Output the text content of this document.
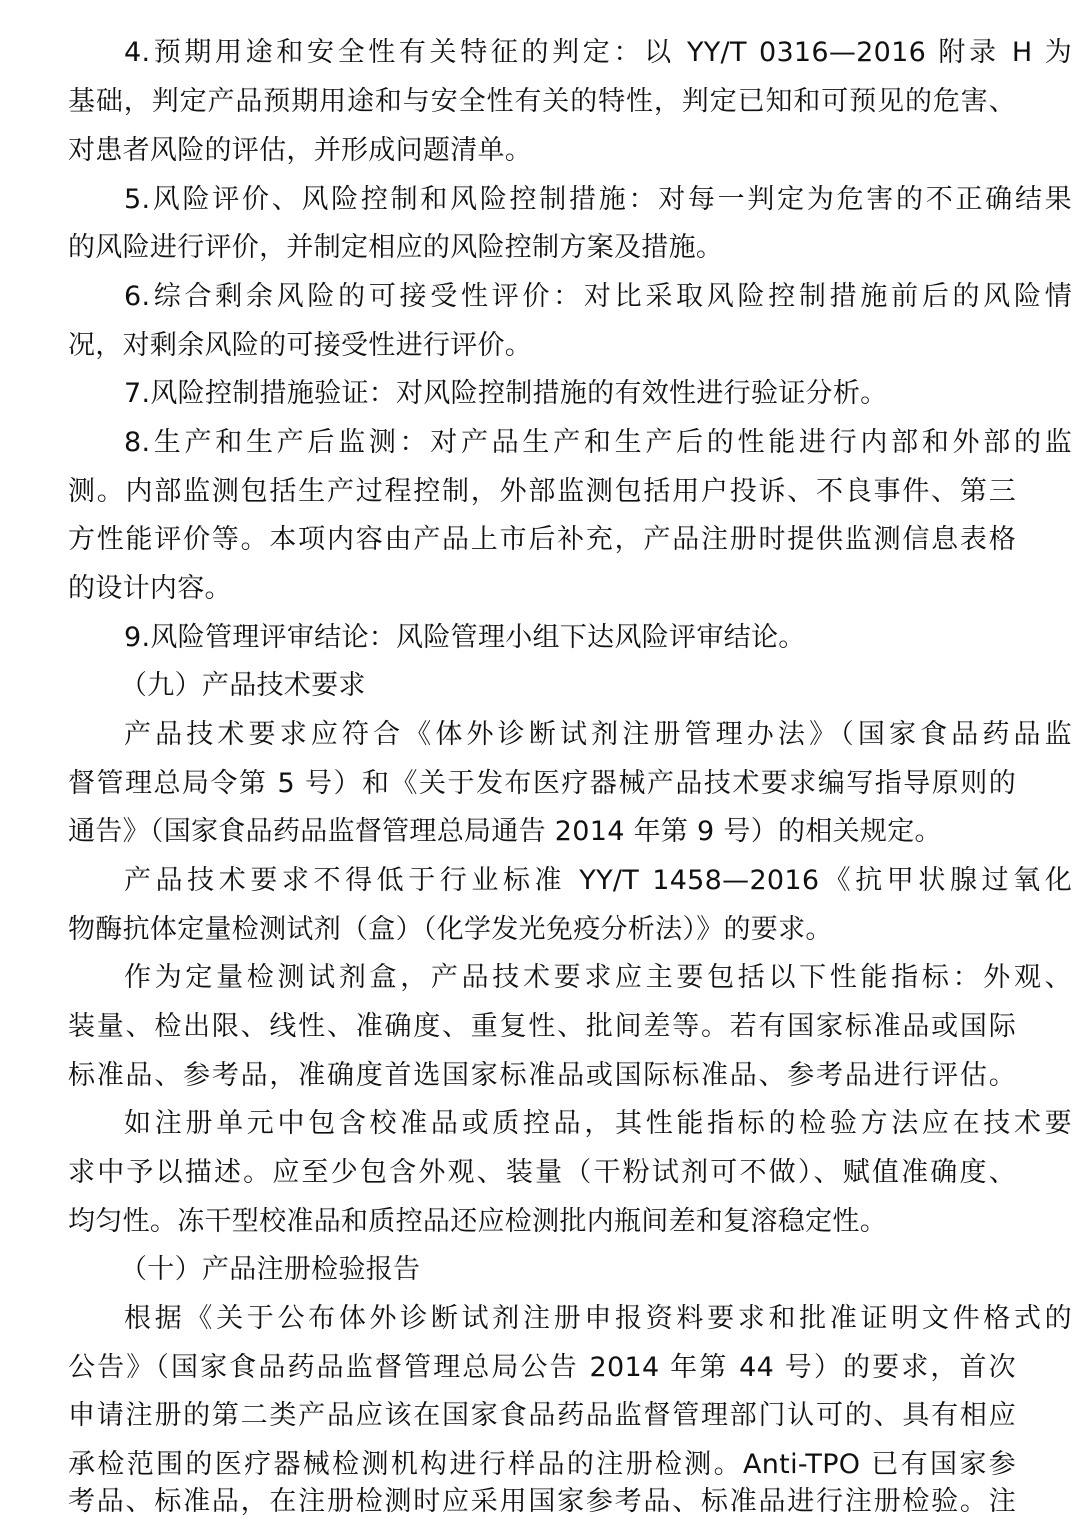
4.预期用途和安全性有关特征的判定：以 YY/T 0316—2016 附录 H 为
基础，判定产品预期用途和与安全性有关的特性，判定已知和可预见的危害、
对患者风险的评估，并形成问题清单。
5.风险评价、风险控制和风险控制措施：对每一判定为危害的不正确结果
的风险进行评价，并制定相应的风险控制方案及措施。
6.综合剩余风险的可接受性评价：对比采取风险控制措施前后的风险情
况，对剩余风险的可接受性进行评价。
7.风险控制措施验证：对风险控制措施的有效性进行验证分析。
8.生产和生产后监测：对产品生产和生产后的性能进行内部和外部的监
测。内部监测包括生产过程控制，外部监测包括用户投诉、不良事件、第三
方性能评价等。本项内容由产品上市后补充，产品注册时提供监测信息表格
的设计内容。
9.风险管理评审结论：风险管理小组下达风险评审结论。
（九）产品技术要求
产品技术要求应符合《体外诊断试剂注册管理办法》（国家食品药品监
督管理总局令第 5 号）和《关于发布医疗器械产品技术要求编写指导原则的
通告》（国家食品药品监督管理总局通告 2014 年第 9 号）的相关规定。
产品技术要求不得低于行业标准 YY/T 1458—2016《抗甲状腺过氧化
物酶抗体定量检测试剂（盒）（化学发光免疫分析法）》的要求。
作为定量检测试剂盒，产品技术要求应主要包括以下性能指标：外观、
装量、检出限、线性、准确度、重复性、批间差等。若有国家标准品或国际
标准品、参考品，准确度首选国家标准品或国际标准品、参考品进行评估。
如注册单元中包含校准品或质控品，其性能指标的检验方法应在技术要
求中予以描述。应至少包含外观、装量（干粉试剂可不做）、赋值准确度、
均匀性。冻干型校准品和质控品还应检测批内瓶间差和复溶稳定性。
（十）产品注册检验报告
根据《关于公布体外诊断试剂注册申报资料要求和批准证明文件格式的
公告》（国家食品药品监督管理总局公告 2014 年第 44 号）的要求，首次
申请注册的第二类产品应该在国家食品药品监督管理部门认可的、具有相应
承检范围的医疗器械检测机构进行样品的注册检测。Anti-TPO 已有国家参
考品、标准品，在注册检测时应采用国家参考品、标准品进行注册检验。注
